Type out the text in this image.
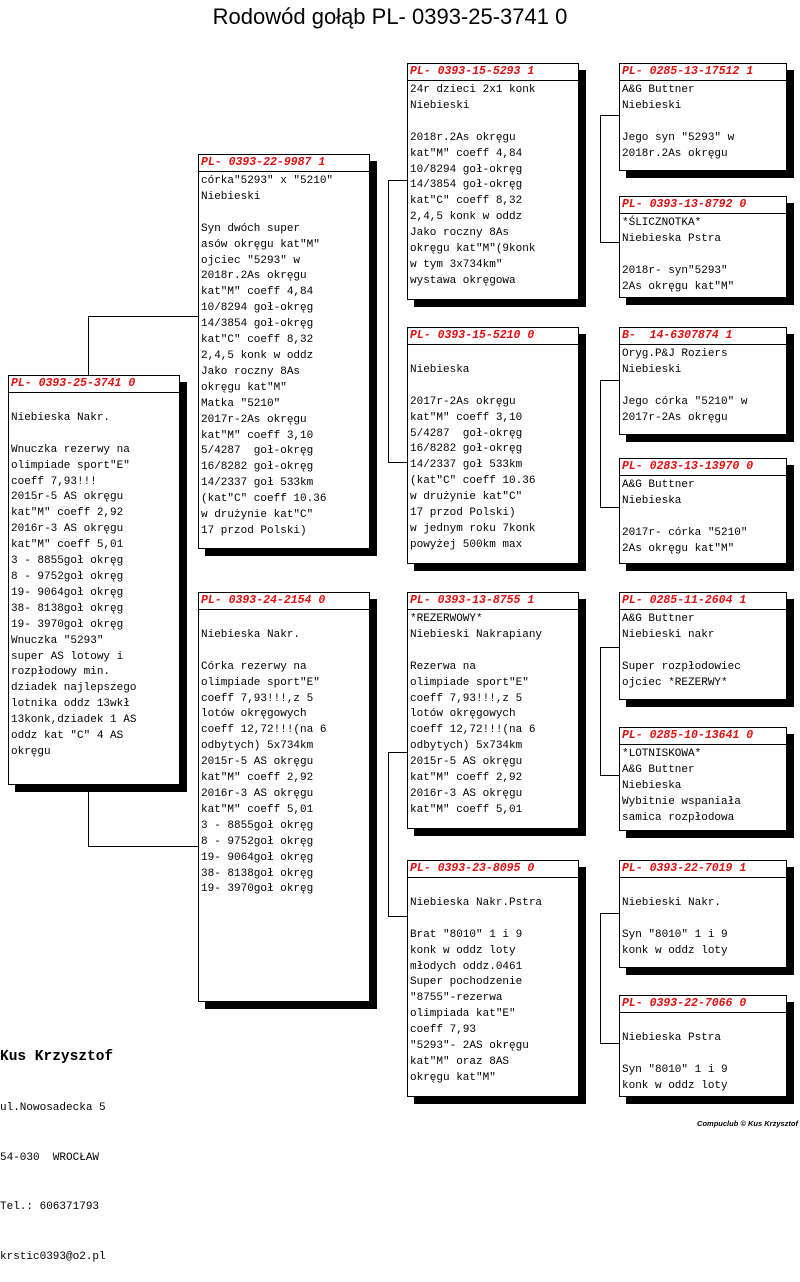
Rodowód gołąb PL- 0393-25-3741 0
PL- 0393-25-3741 0

Niebieska Nakr.

Wnuczka rezerwy na
olimpiade sport"E"
coeff 7,93!!!
2015r-5 AS okręgu
kat"M" coeff 2,92
2016r-3 AS okręgu
kat"M" coeff 5,01
3 - 8855goł okręg
8 - 9752goł okręg
19- 9064goł okręg
38- 8138goł okręg
19- 3970goł okręg
Wnuczka "5293"
super AS lotowy i
rozpłodowy min.
dziadek najlepszego
lotnika oddz 13wkł
13konk,dziadek 1 AS
oddz kat "C" 4 AS
okręgu
PL- 0393-22-9987 1
córka"5293" x "5210"
Niebieski

Syn dwóch super
asów okręgu kat"M"
ojciec "5293" w
2018r.2As okręgu
kat"M" coeff 4,84
10/8294 goł-okręg
14/3854 goł-okręg
kat"C" coeff 8,32
2,4,5 konk w oddz
Jako roczny 8As
okręgu kat"M"
Matka "5210"
2017r-2As okręgu
kat"M" coeff 3,10
5/4287  goł-okręg
16/8282 goł-okręg
14/2337 goł 533km
(kat"C" coeff 10.36
w drużynie kat"C"
17 przod Polski)
PL- 0393-24-2154 0

Niebieska Nakr.

Córka rezerwy na
olimpiade sport"E"
coeff 7,93!!!,z 5
lotów okręgowych
coeff 12,72!!!(na 6
odbytych) 5x734km
2015r-5 AS okręgu
kat"M" coeff 2,92
2016r-3 AS okręgu
kat"M" coeff 5,01
3 - 8855goł okręg
8 - 9752goł okręg
19- 9064goł okręg
38- 8138goł okręg
19- 3970goł okręg
PL- 0393-15-5293 1
24r dzieci 2x1 konk
Niebieski

2018r.2As okręgu
kat"M" coeff 4,84
10/8294 goł-okręg
14/3854 goł-okręg
kat"C" coeff 8,32
2,4,5 konk w oddz
Jako roczny 8As
okręgu kat"M"(9konk
w tym 3x734km"
wystawa okręgowa
PL- 0393-15-5210 0

Niebieska

2017r-2As okręgu
kat"M" coeff 3,10
5/4287  goł-okręg
16/8282 goł-okręg
14/2337 goł 533km
(kat"C" coeff 10.36
w drużynie kat"C"
17 przod Polski)
w jednym roku 7konk
powyżej 500km max
PL- 0393-13-8755 1
*REZERWOWY*
Niebieski Nakrapiany

Rezerwa na
olimpiade sport"E"
coeff 7,93!!!,z 5
lotów okręgowych
coeff 12,72!!!(na 6
odbytych) 5x734km
2015r-5 AS okręgu
kat"M" coeff 2,92
2016r-3 AS okręgu
kat"M" coeff 5,01
PL- 0393-23-8095 0

Niebieska Nakr.Pstra

Brat "8010" 1 i 9
konk w oddz loty
młodych oddz.0461
Super pochodzenie
"8755"-rezerwa
olimpiada kat"E"
coeff 7,93
"5293"- 2AS okręgu
kat"M" oraz 8AS
okręgu kat"M"
PL- 0285-13-17512 1
A&G Buttner
Niebieski

Jego syn "5293" w
2018r.2As okręgu
PL- 0393-13-8792 0
*ŚLICZNOTKA*
Niebieska Pstra

2018r- syn"5293"
2As okręgu kat"M"
B-  14-6307874 1
Oryg.P&J Roziers
Niebieski

Jego córka "5210" w
2017r-2As okręgu
PL- 0283-13-13970 0
A&G Buttner
Niebieska

2017r- córka "5210"
2As okręgu kat"M"
PL- 0285-11-2604 1
A&G Buttner
Niebieski nakr

Super rozpłodowiec
ojciec *REZERWY*
PL- 0285-10-13641 0
*LOTNISKOWA*
A&G Buttner
Niebieska
Wybitnie wspaniała
samica rozpłodowa
PL- 0393-22-7019 1

Niebieski Nakr.

Syn "8010" 1 i 9
konk w oddz loty
PL- 0393-22-7066 0

Niebieska Pstra

Syn "8010" 1 i 9
konk w oddz loty

Kus Krzysztof

ul.Nowosadecka 5

54-030  WROCŁAW

Tel.: 606371793

krstic0393@o2.pl

Compuclub © Kus Krzysztof
